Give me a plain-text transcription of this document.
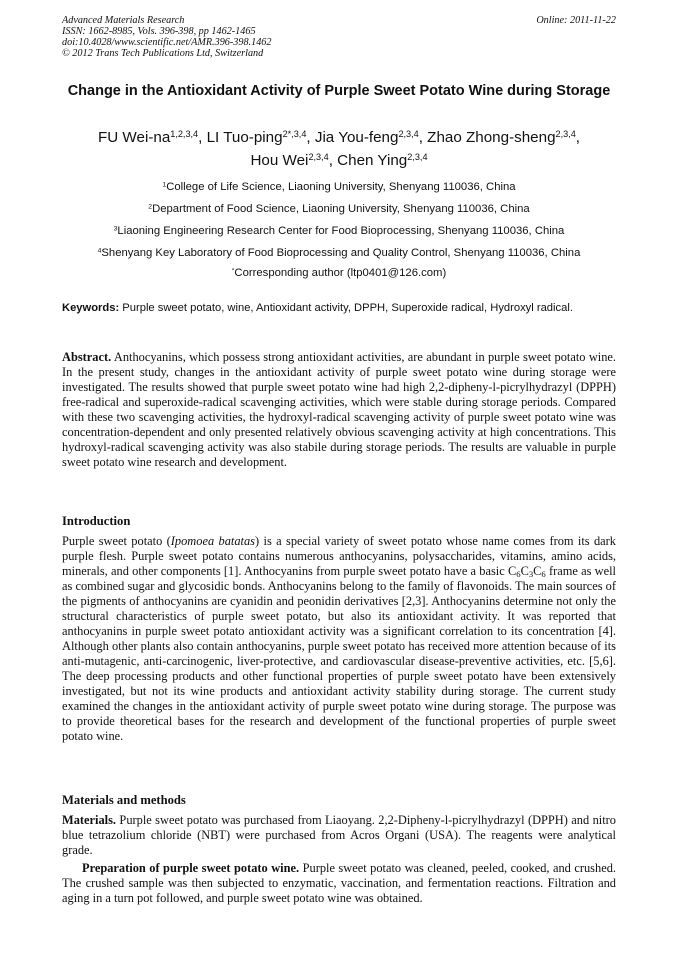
Advanced Materials Research
ISSN: 1662-8985, Vols. 396-398, pp 1462-1465
doi:10.4028/www.scientific.net/AMR.396-398.1462
© 2012 Trans Tech Publications Ltd, Switzerland
Online: 2011-11-22
Change in the Antioxidant Activity of Purple Sweet Potato Wine during Storage
FU Wei-na$^{1,2,3,4}$, LI Tuo-ping$^{2*,3,4}$, Jia You-feng$^{2,3,4}$, Zhao Zhong-sheng$^{2,3,4}$,
Hou Wei$^{2,3,4}$, Chen Ying$^{2,3,4}$
$^1$College of Life Science, Liaoning University, Shenyang 110036, China
$^2$Department of Food Science, Liaoning University, Shenyang 110036, China
$^3$Liaoning Engineering Research Center for Food Bioprocessing, Shenyang 110036, China
$^4$Shenyang Key Laboratory of Food Bioprocessing and Quality Control, Shenyang 110036, China
*Corresponding author (ltp0401@126.com)
Keywords: Purple sweet potato, wine, Antioxidant activity, DPPH, Superoxide radical, Hydroxyl radical.
Abstract. Anthocyanins, which possess strong antioxidant activities, are abundant in purple sweet potato wine. In the present study, changes in the antioxidant activity of purple sweet potato wine during storage were investigated. The results showed that purple sweet potato wine had high 2,2-dipheny-l-picrylhydrazyl (DPPH) free-radical and superoxide-radical scavenging activities, which were stable during storage periods. Compared with these two scavenging activities, the hydroxyl-radical scavenging activity of purple sweet potato wine was concentration-dependent and only presented relatively obvious scavenging activity at high concentrations. This hydroxyl-radical scavenging activity was also stabile during storage periods. The results are valuable in purple sweet potato wine research and development.
Introduction
Purple sweet potato (Ipomoea batatas) is a special variety of sweet potato whose name comes from its dark purple flesh. Purple sweet potato contains numerous anthocyanins, polysaccharides, vitamins, amino acids, minerals, and other components [1]. Anthocyanins from purple sweet potato have a basic $C_6C_3C_6$ frame as well as combined sugar and glycosidic bonds. Anthocyanins belong to the family of flavonoids. The main sources of the pigments of anthocyanins are cyanidin and peonidin derivatives [2,3]. Anthocyanins determine not only the structural characteristics of purple sweet potato, but also its antioxidant activity. It was reported that anthocyanins in purple sweet potato antioxidant activity was a significant correlation to its concentration [4]. Although other plants also contain anthocyanins, purple sweet potato has received more attention because of its anti-mutagenic, anti-carcinogenic, liver-protective, and cardiovascular disease-preventive activities, etc. [5,6]. The deep processing products and other functional properties of purple sweet potato have been extensively investigated, but not its wine products and antioxidant activity stability during storage. The current study examined the changes in the antioxidant activity of purple sweet potato wine during storage. The purpose was to provide theoretical bases for the research and development of the functional properties of purple sweet potato wine.
Materials and methods
Materials. Purple sweet potato was purchased from Liaoyang. 2,2-Dipheny-l-picrylhydrazyl (DPPH) and nitro blue tetrazolium chloride (NBT) were purchased from Acros Organi (USA). The reagents were analytical grade.
Preparation of purple sweet potato wine. Purple sweet potato was cleaned, peeled, cooked, and crushed. The crushed sample was then subjected to enzymatic, vaccination, and fermentation reactions. Filtration and aging in a turn pot followed, and purple sweet potato wine was obtained.
